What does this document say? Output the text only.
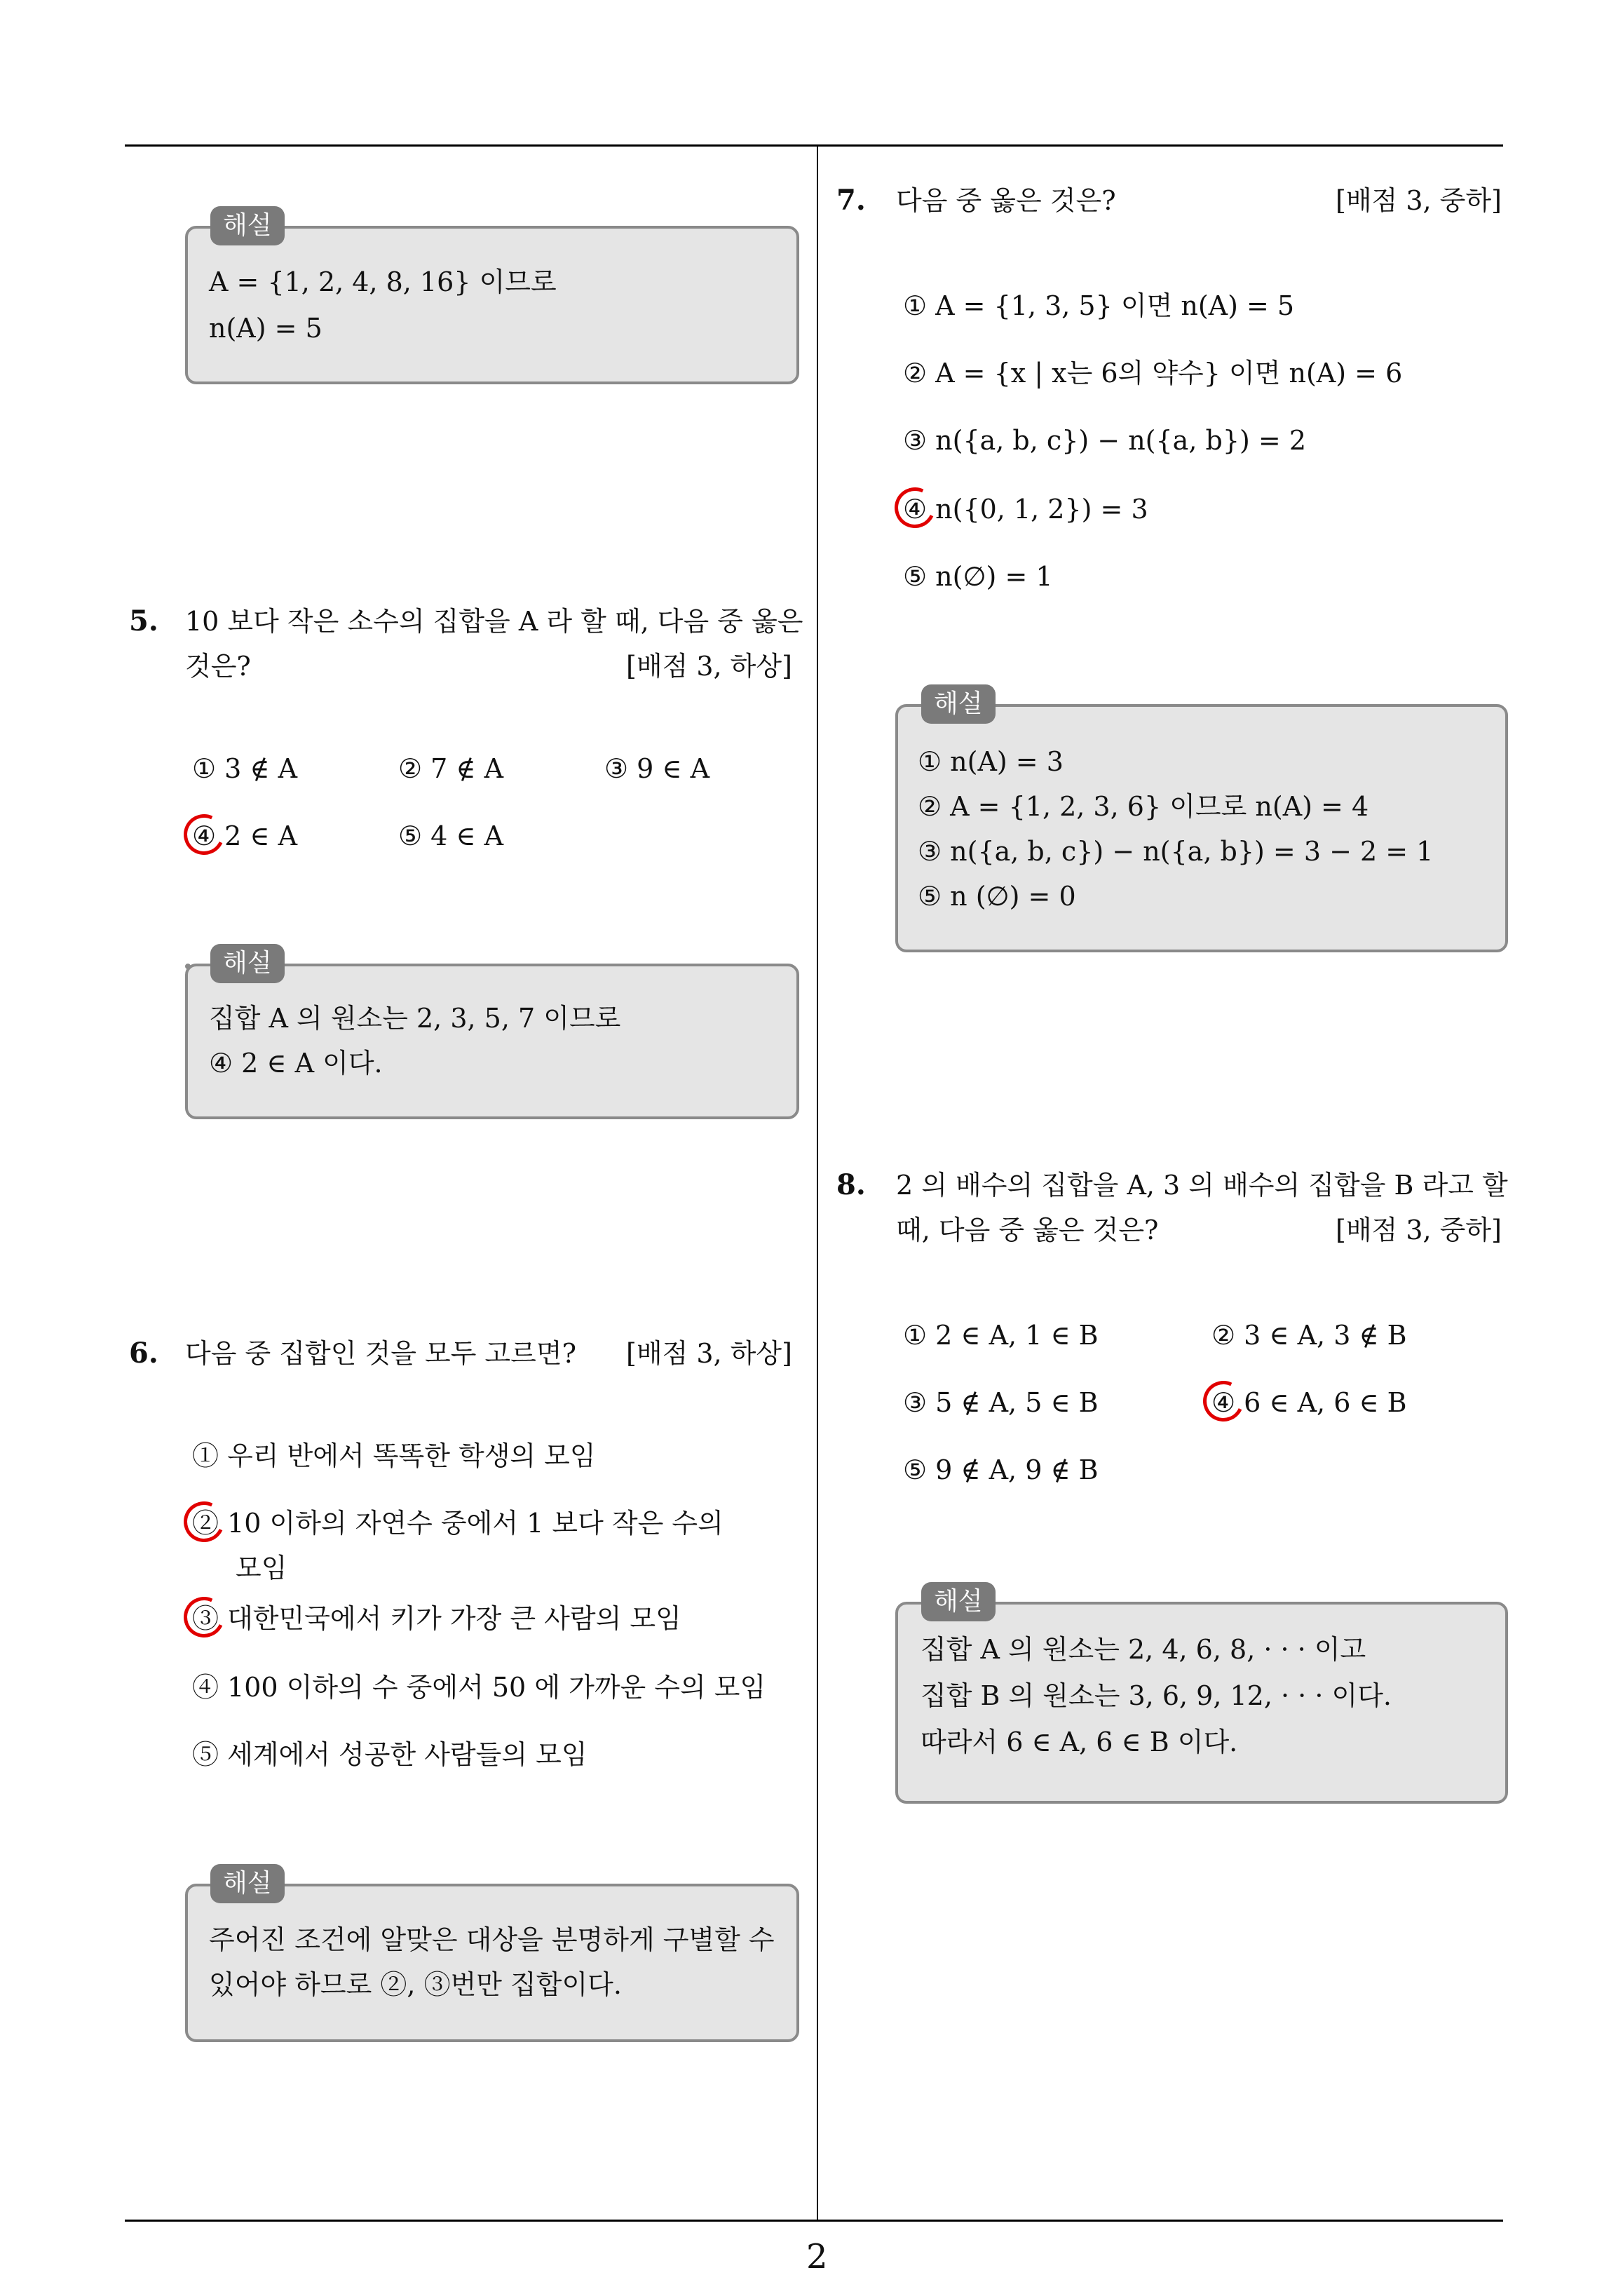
2
A = {1, 2, 4, 8, 16} 이므로
n(A) = 5
해설
5. 10 보다 작은 소수의 집합을 A 라 할 때, 다음 중 옳은
것은?	[배점 3, 하상]
① 3 ∉ A	② 7 ∉ A	③ 9 ∈ A
④ 2 ∈ A	⑤ 4 ∈ A
집합 A 의 원소는 2, 3, 5, 7 이므로
④ 2 ∈ A 이다.
해설
6. 다음 중 집합인 것을 모두 고르면? [배점 3, 하상]
① 우리 반에서 똑똑한 학생의 모임
② 10 이하의 자연수 중에서 1 보다 작은 수의
모임
③ 대한민국에서 키가 가장 큰 사람의 모임
④ 100 이하의 수 중에서 50 에 가까운 수의 모임
⑤ 세계에서 성공한 사람들의 모임
주어진 조건에 알맞은 대상을 분명하게 구별할 수
있어야 하므로 ②, ③번만 집합이다.
해설
7. 다음 중 옳은 것은?	[배점 3, 중하]
① A = {1, 3, 5} 이면 n(A) = 5
② A = {x | x는 6의 약수} 이면 n(A) = 6
③ n({a, b, c}) − n({a, b}) = 2
④ n({0, 1, 2}) = 3
⑤ n(∅) = 1
① n(A) = 3
② A = {1, 2, 3, 6} 이므로 n(A) = 4
③ n({a, b, c}) − n({a, b}) = 3 − 2 = 1
⑤ n (∅) = 0
해설
8. 2 의 배수의 집합을 A, 3 의 배수의 집합을 B 라고 할
때, 다음 중 옳은 것은?	[배점 3, 중하]
① 2 ∈ A, 1 ∈ B	② 3 ∈ A, 3 ∉ B
③ 5 ∉ A, 5 ∈ B	④ 6 ∈ A, 6 ∈ B
⑤ 9 ∉ A, 9 ∉ B
집합 A 의 원소는 2, 4, 6, 8, · · · 이고
집합 B 의 원소는 3, 6, 9, 12, · · · 이다.
따라서 6 ∈ A, 6 ∈ B 이다.
해설
